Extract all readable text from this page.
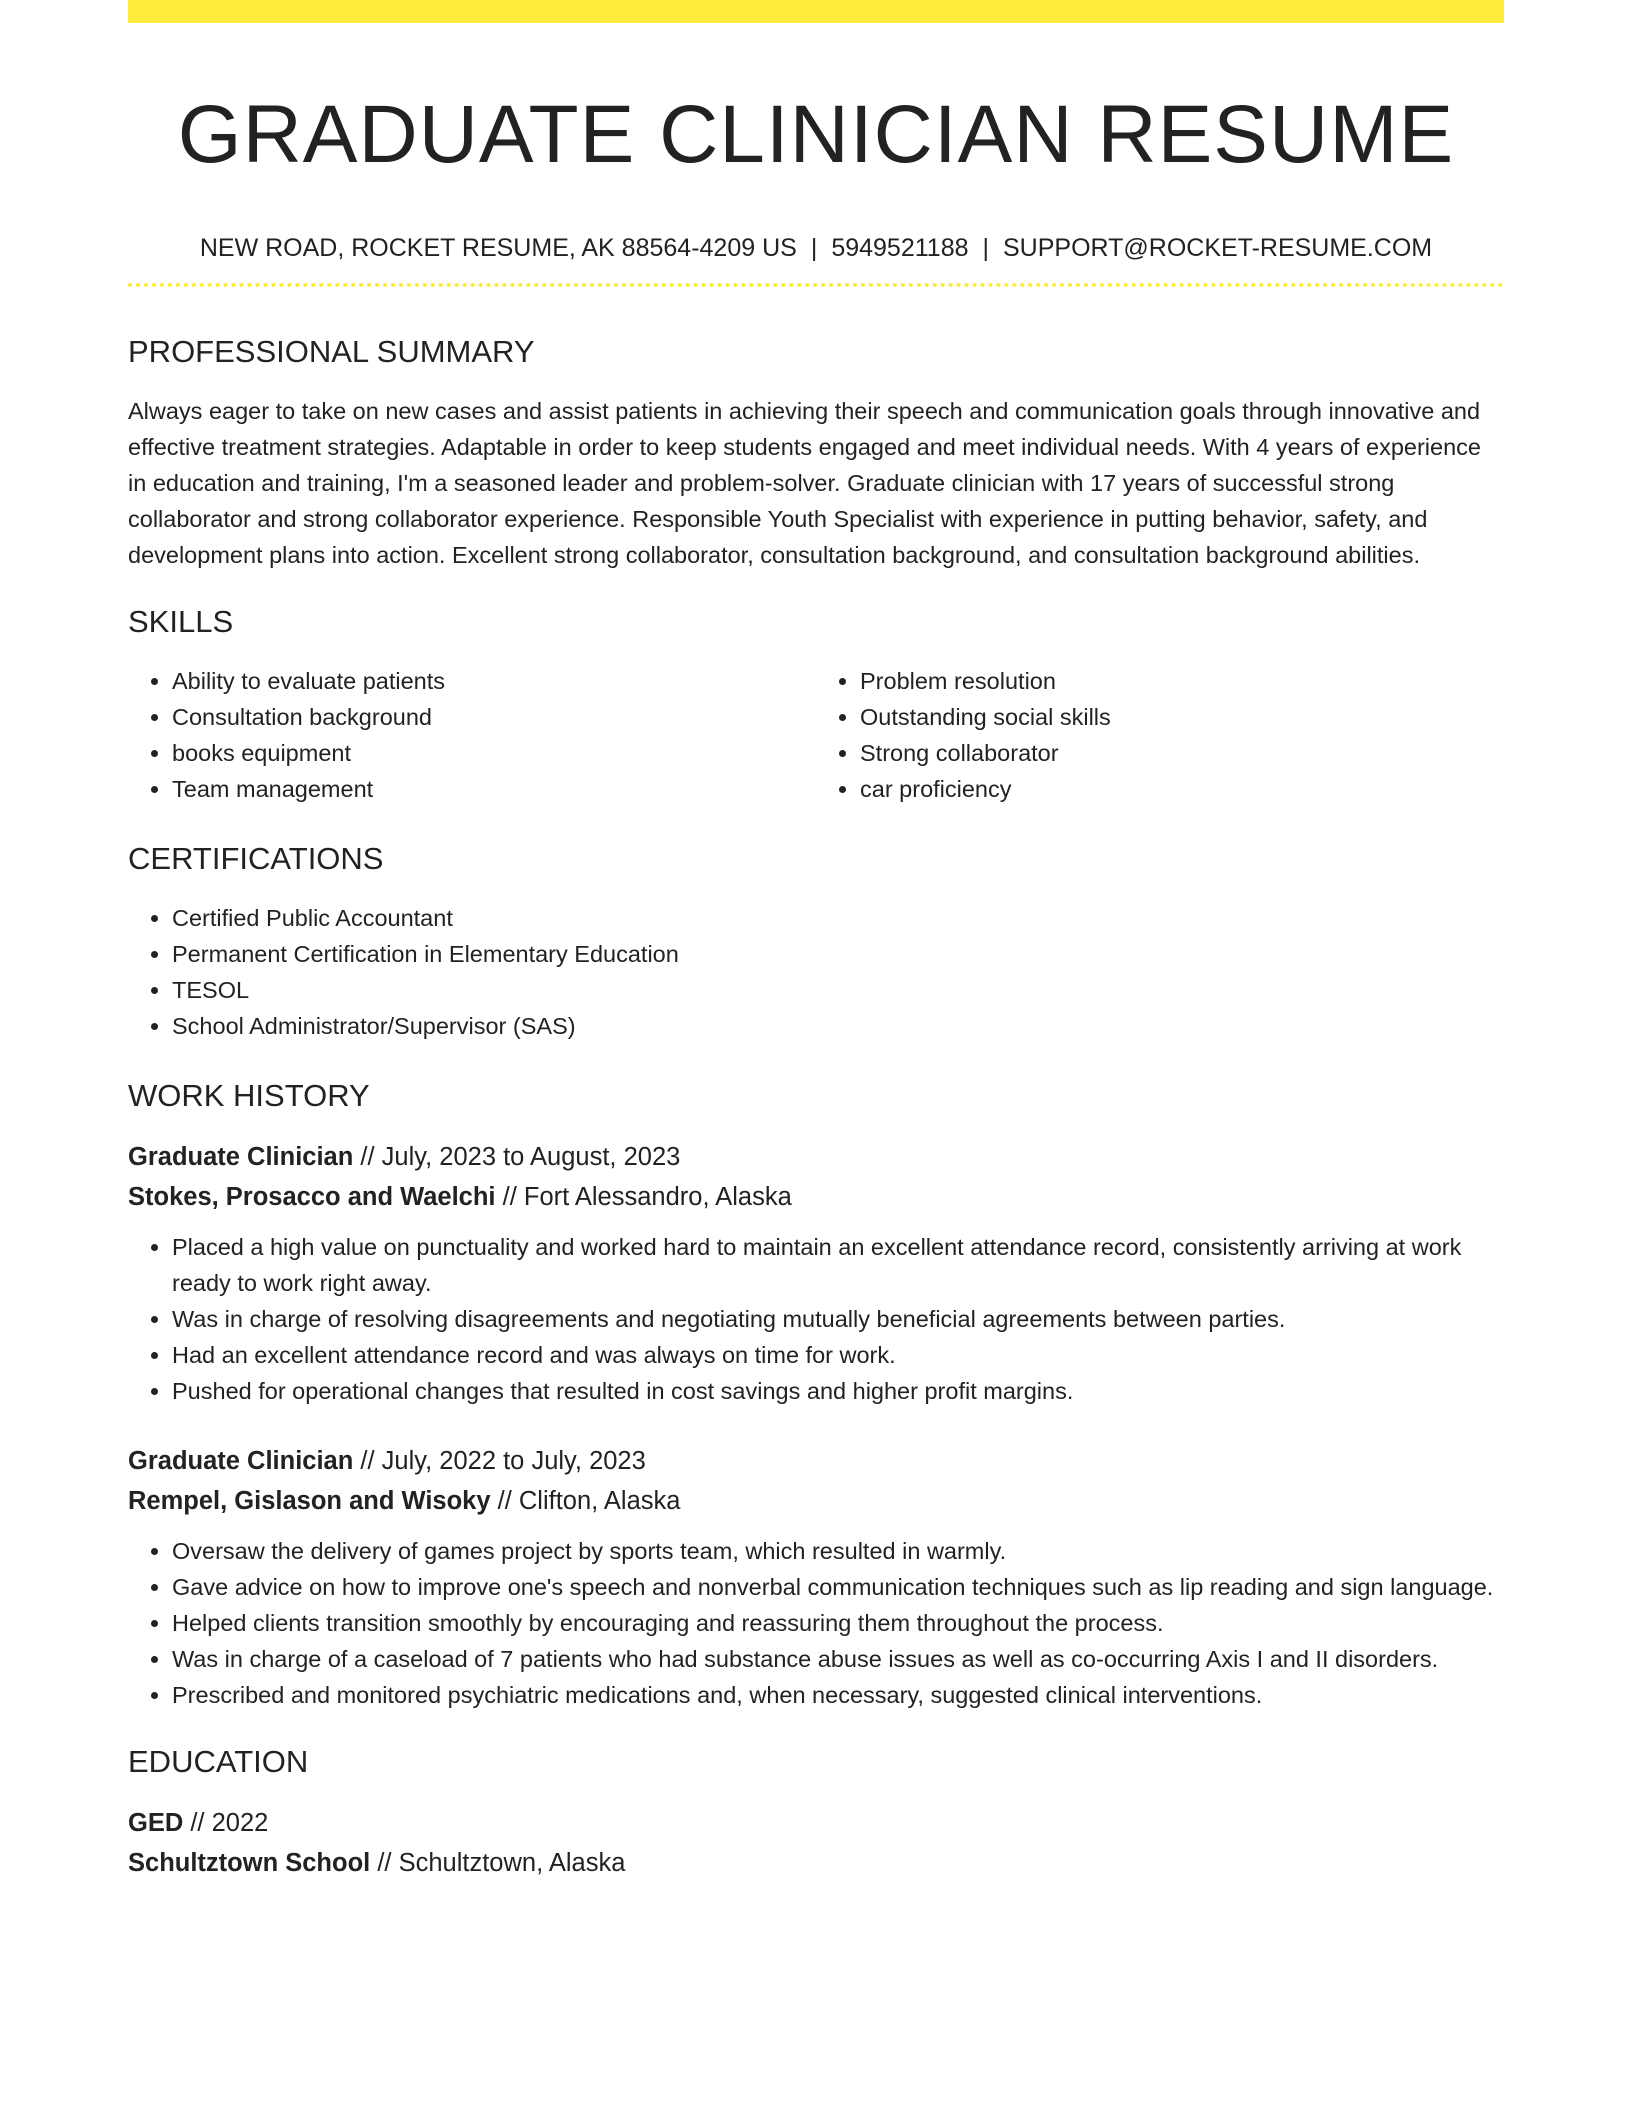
GRADUATE CLINICIAN RESUME
NEW ROAD, ROCKET RESUME, AK 88564-4209 US | 5949521188 | SUPPORT@ROCKET-RESUME.COM
PROFESSIONAL SUMMARY

Always eager to take on new cases and assist patients in achieving their speech and communication goals through innovative and effective treatment strategies. Adaptable in order to keep students engaged and meet individual needs. With 4 years of experience in education and training, I'm a seasoned leader and problem-solver. Graduate clinician with 17 years of successful strong collaborator and strong collaborator experience. Responsible Youth Specialist with experience in putting behavior, safety, and development plans into action. Excellent strong collaborator, consultation background, and consultation background abilities.

SKILLS
• Ability to evaluate patients
• Consultation background
• books equipment
• Team management
• Problem resolution
• Outstanding social skills
• Strong collaborator
• car proficiency
CERTIFICATIONS
• Certified Public Accountant
• Permanent Certification in Elementary Education
• TESOL
• School Administrator/Supervisor (SAS)
WORK HISTORY
Graduate Clinician // July, 2023 to August, 2023
Stokes, Prosacco and Waelchi // Fort Alessandro, Alaska
• Placed a high value on punctuality and worked hard to maintain an excellent attendance record, consistently arriving at work ready to work right away.
• Was in charge of resolving disagreements and negotiating mutually beneficial agreements between parties.
• Had an excellent attendance record and was always on time for work.
• Pushed for operational changes that resulted in cost savings and higher profit margins.
Graduate Clinician // July, 2022 to July, 2023
Rempel, Gislason and Wisoky // Clifton, Alaska
• Oversaw the delivery of games project by sports team, which resulted in warmly.
• Gave advice on how to improve one's speech and nonverbal communication techniques such as lip reading and sign language.
• Helped clients transition smoothly by encouraging and reassuring them throughout the process.
• Was in charge of a caseload of 7 patients who had substance abuse issues as well as co-occurring Axis I and II disorders.
• Prescribed and monitored psychiatric medications and, when necessary, suggested clinical interventions.
EDUCATION
GED // 2022
Schultztown School // Schultztown, Alaska
